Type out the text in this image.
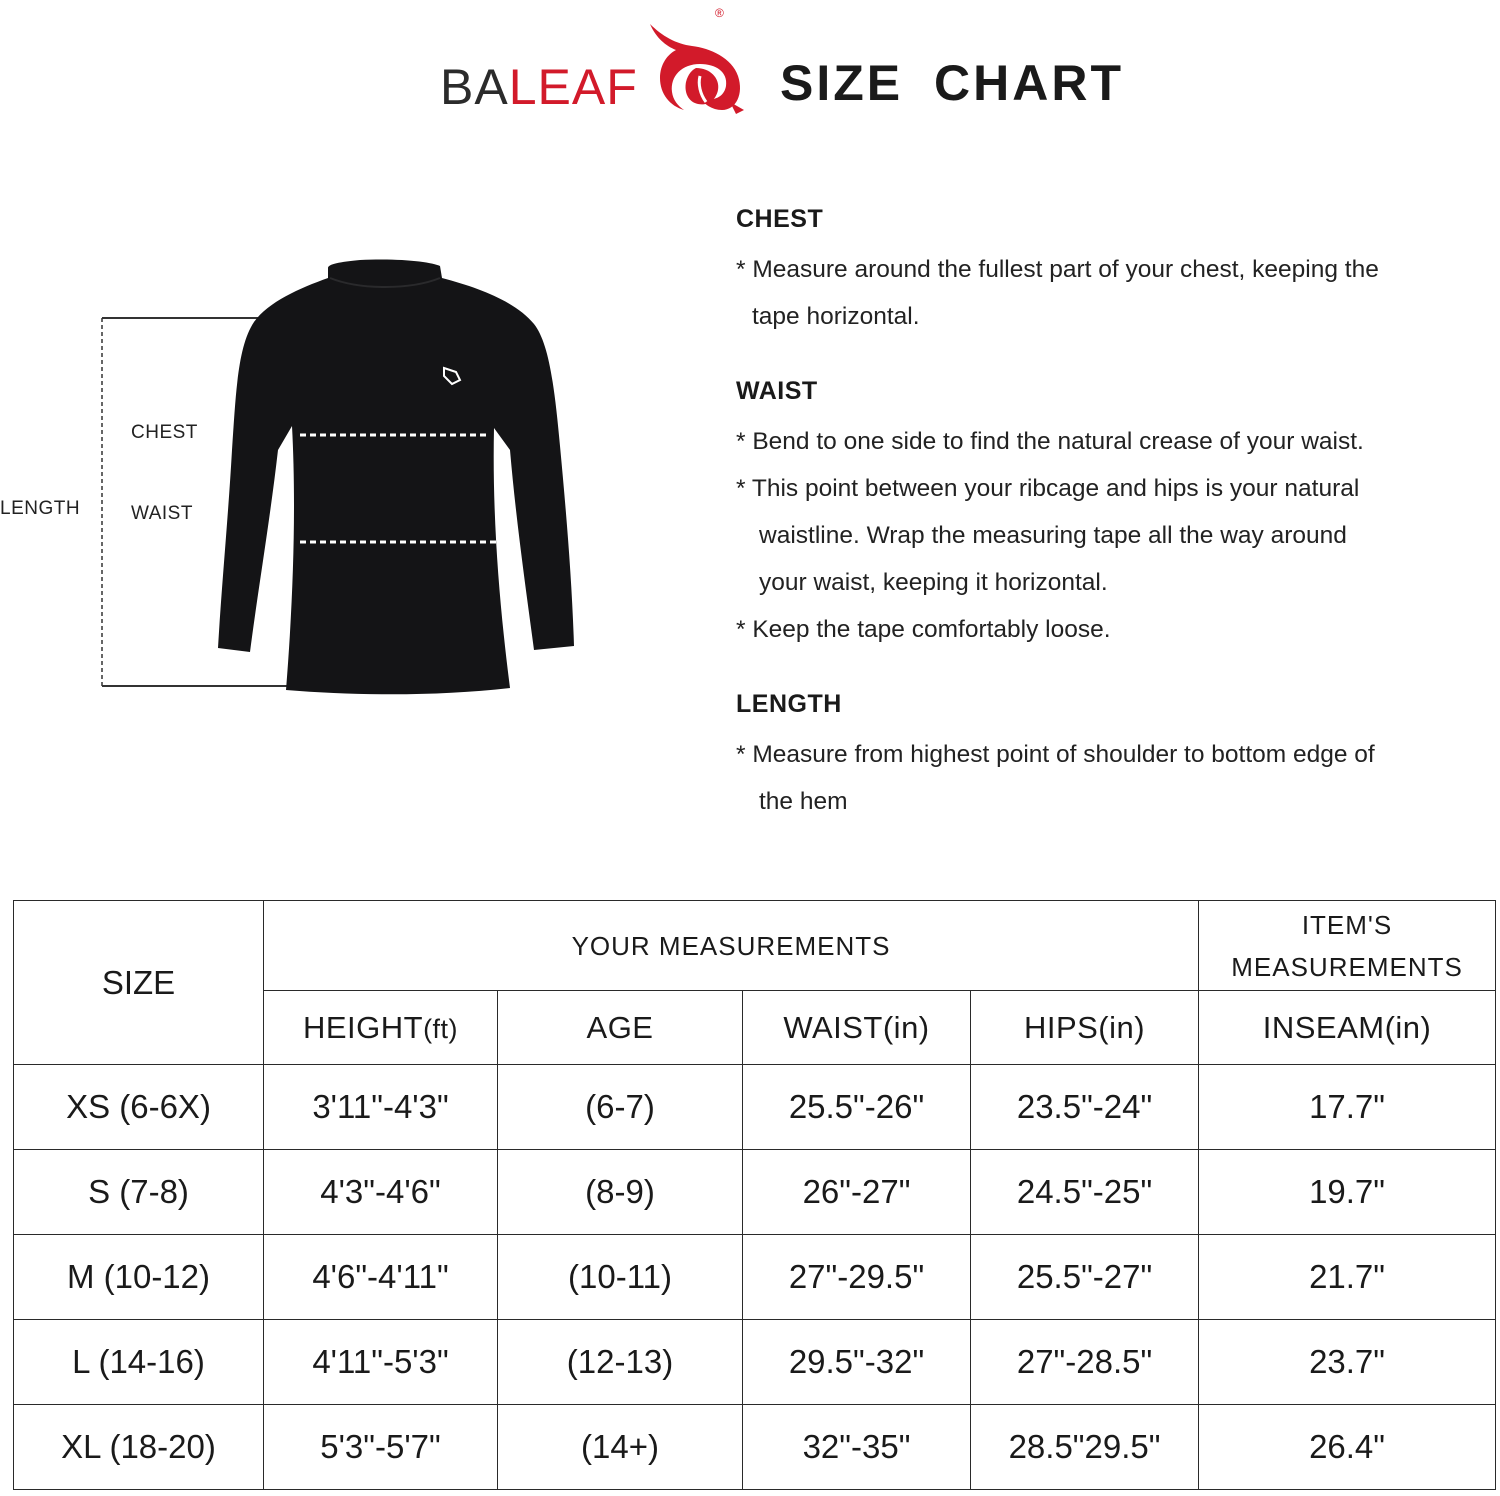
BA LEAF
®
SIZE CHART
LENGTH
CHEST
WAIST
CHEST
* Measure around the fullest part of your chest, keeping the
tape horizontal.
WAIST
* Bend to one side to find the natural crease of your waist.
* This point between your ribcage and hips is your natural
waistline. Wrap the measuring tape all the way around
your waist, keeping it horizontal.
* Keep the tape comfortably loose.
LENGTH
* Measure from highest point of shoulder to bottom edge of
the hem
SIZE	YOUR MEASUREMENTS				ITEM'S
MEASUREMENTS

	HEIGHT(ft)	AGE	WAIST(in)	HIPS(in)	INSEAM(in)
XS (6-6X)	3'11"-4'3"	(6-7)	25.5"-26"	23.5"-24"	17.7"
S (7-8)	4'3"-4'6"	(8-9)	26"-27"	24.5"-25"	19.7"
M (10-12)	4'6"-4'11"	(10-11)	27"-29.5"	25.5"-27"	21.7"
L (14-16)	4'11"-5'3"	(12-13)	29.5"-32"	27"-28.5"	23.7"
XL (18-20)	5'3"-5'7"	(14+)	32"-35"	28.5"29.5"	26.4"
